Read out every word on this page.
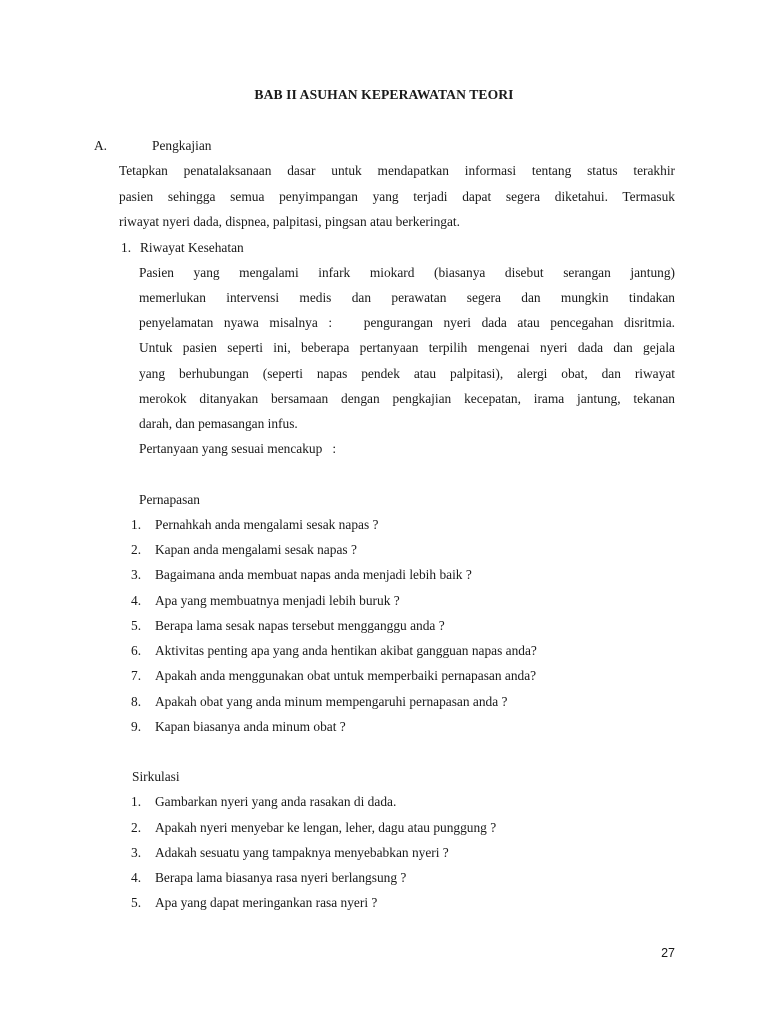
BAB II ASUHAN KEPERAWATAN TEORI
A.	Pengkajian
Tetapkan penatalaksanaan dasar untuk mendapatkan informasi tentang status terakhir
pasien sehingga semua penyimpangan yang terjadi dapat segera diketahui. Termasuk
riwayat nyeri dada, dispnea, palpitasi, pingsan atau berkeringat.
1. Riwayat Kesehatan
Pasien yang mengalami infark miokard (biasanya disebut serangan jantung)
memerlukan intervensi medis dan perawatan segera dan mungkin tindakan
penyelamatan nyawa misalnya :   pengurangan nyeri dada atau pencegahan disritmia.
Untuk pasien seperti ini, beberapa pertanyaan terpilih mengenai nyeri dada dan gejala
yang berhubungan (seperti napas pendek atau palpitasi), alergi obat, dan riwayat
merokok ditanyakan bersamaan dengan pengkajian kecepatan, irama jantung, tekanan
darah, dan pemasangan infus.
Pertanyaan yang sesuai mencakup   :
Pernapasan
1. Pernahkah anda mengalami sesak napas ?
2. Kapan anda mengalami sesak napas ?
3. Bagaimana anda membuat napas anda menjadi lebih baik ?
4. Apa yang membuatnya menjadi lebih buruk ?
5. Berapa lama sesak napas tersebut mengganggu anda ?
6. Aktivitas penting apa yang anda hentikan akibat gangguan napas anda?
7. Apakah anda menggunakan obat untuk memperbaiki pernapasan anda?
8. Apakah obat yang anda minum mempengaruhi pernapasan anda ?
9. Kapan biasanya anda minum obat ?
Sirkulasi
1. Gambarkan nyeri yang anda rasakan di dada.
2. Apakah nyeri menyebar ke lengan, leher, dagu atau punggung ?
3. Adakah sesuatu yang tampaknya menyebabkan nyeri ?
4. Berapa lama biasanya rasa nyeri berlangsung ?
5. Apa yang dapat meringankan rasa nyeri ?
27
